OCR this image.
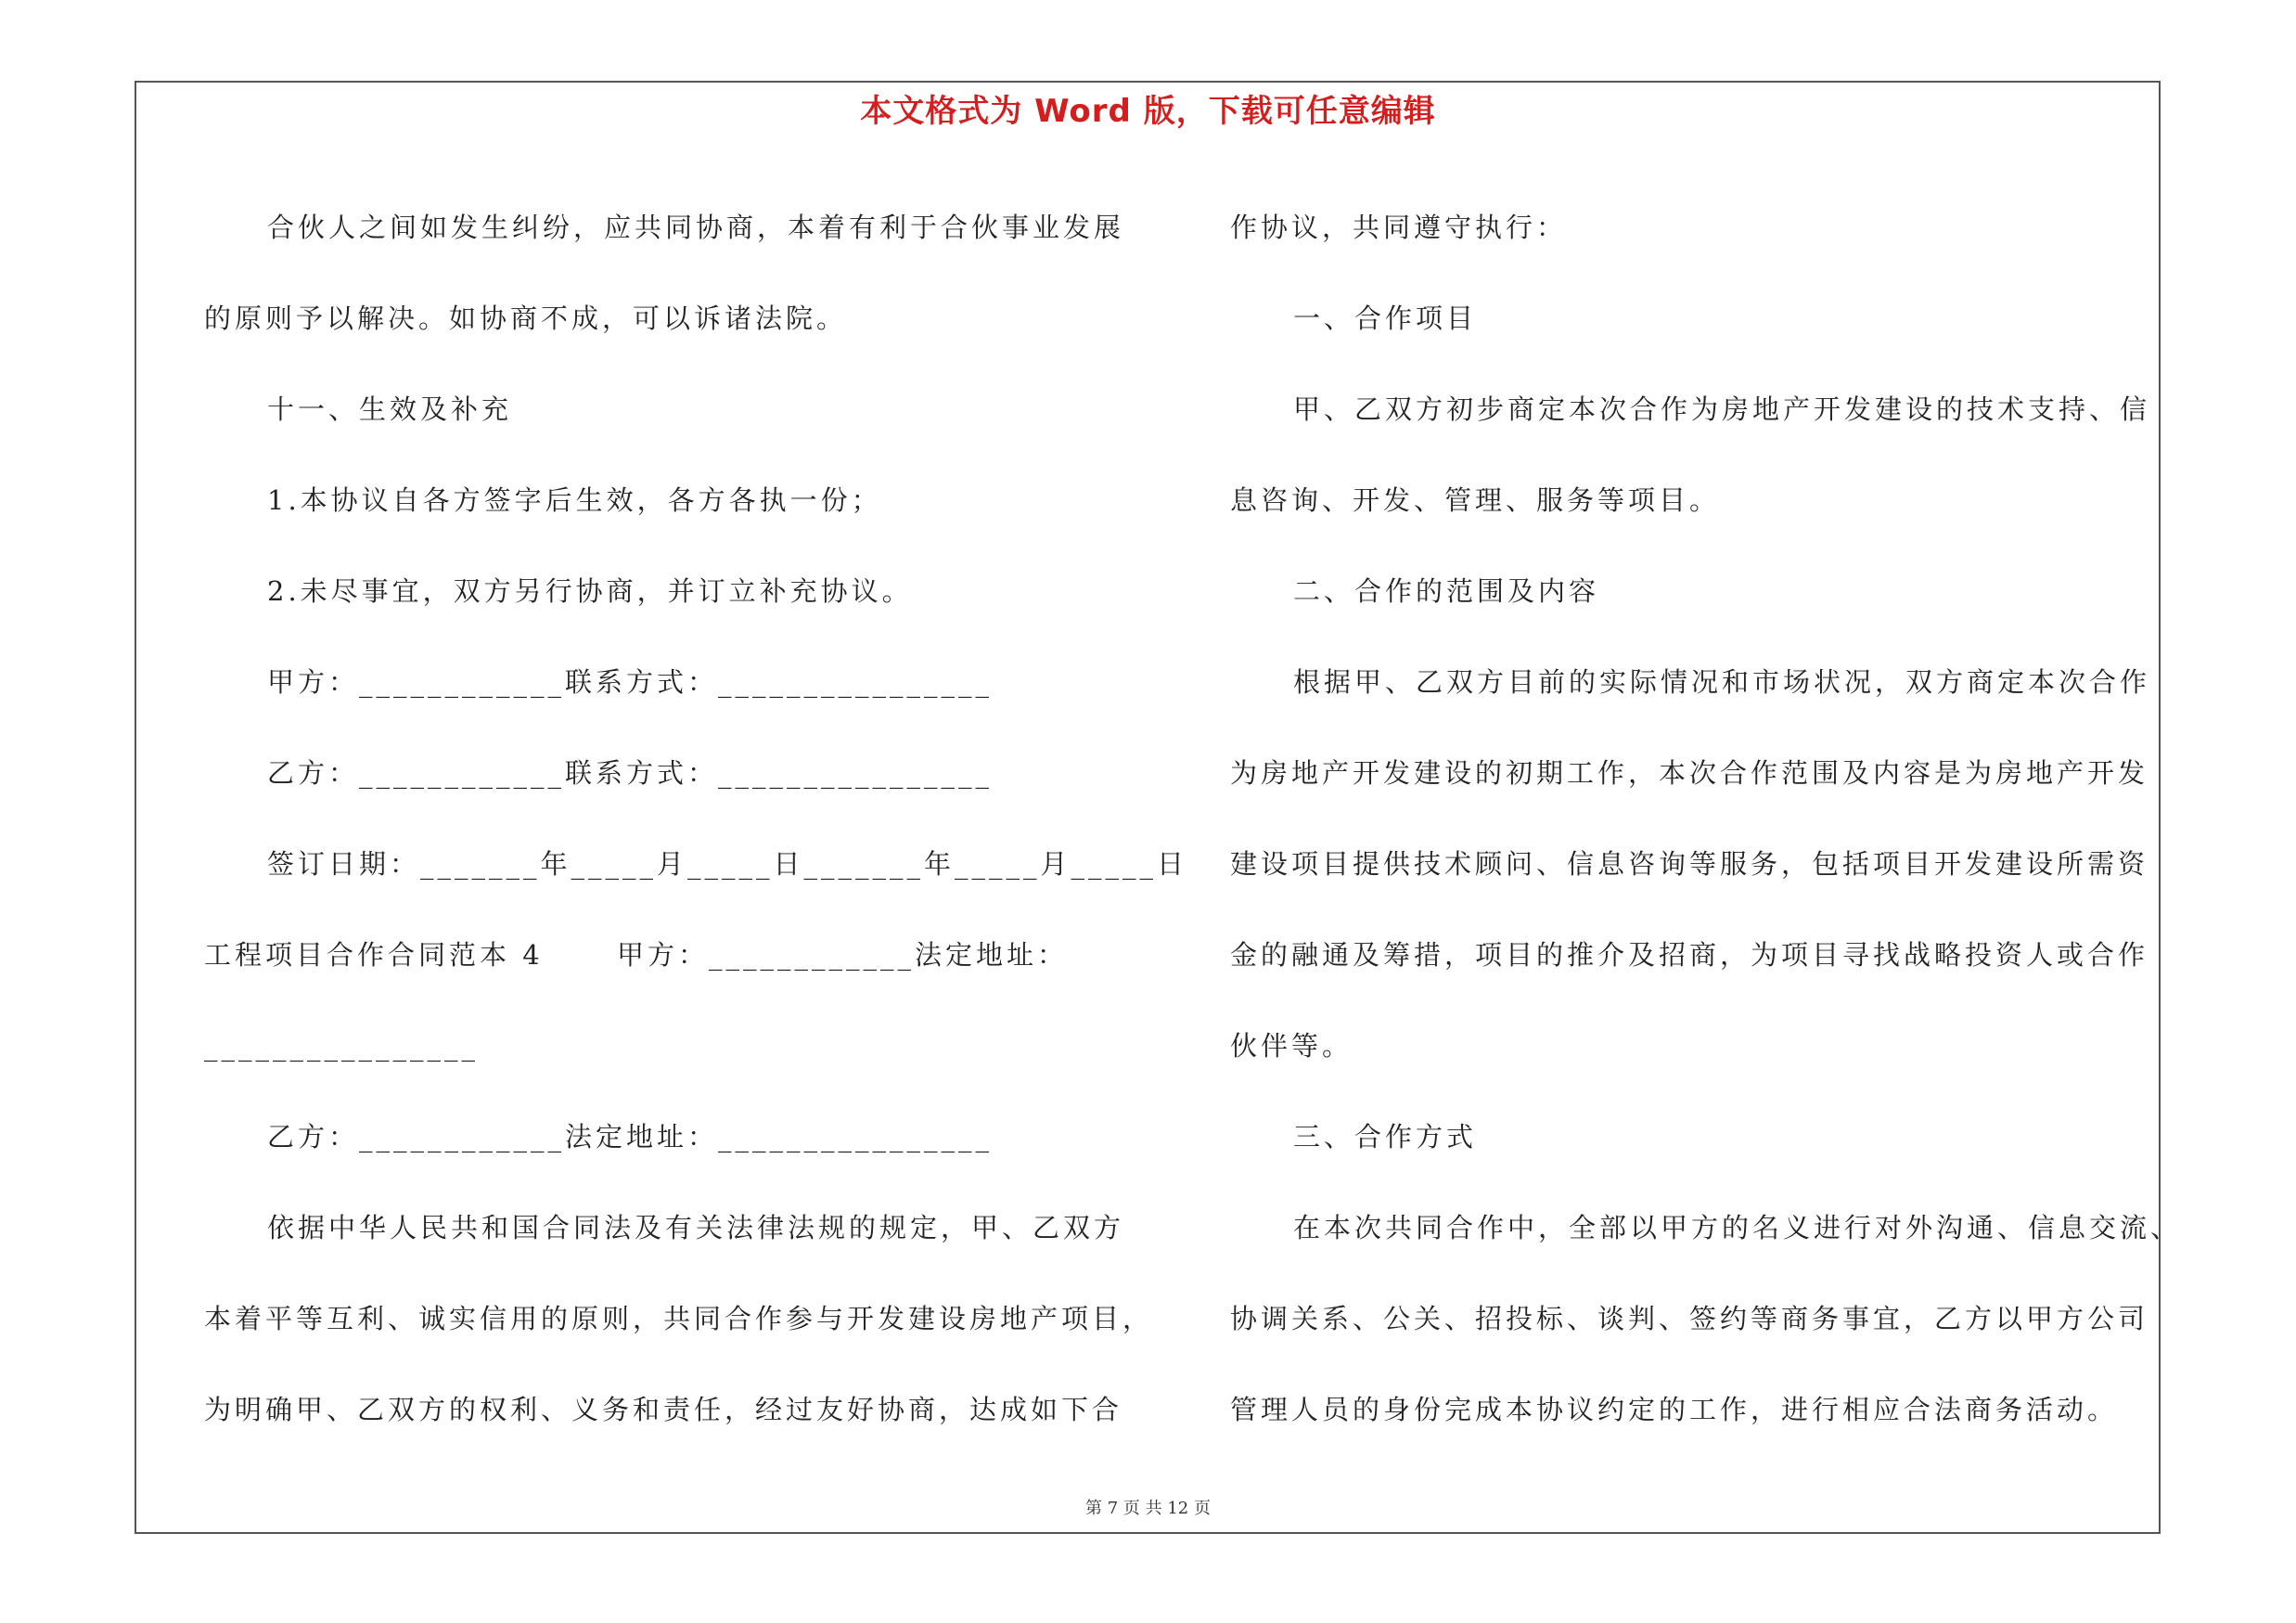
本文格式为 Word 版，下载可任意编辑

合伙人之间如发生纠纷，应共同协商，本着有利于合伙事业发展

的原则予以解决。如协商不成，可以诉诸法院。

十一、生效及补充

1.本协议自各方签字后生效，各方各执一份；

2.未尽事宜，双方另行协商，并订立补充协议。

甲方：____________联系方式：________________

乙方：____________联系方式：________________

签订日期：_______年_____月_____日_______年_____月_____日

工程项目合作合同范本 4      甲方：____________法定地址：

________________

乙方：____________法定地址：________________

依据中华人民共和国合同法及有关法律法规的规定，甲、乙双方

本着平等互利、诚实信用的原则，共同合作参与开发建设房地产项目，

为明确甲、乙双方的权利、义务和责任，经过友好协商，达成如下合

作协议，共同遵守执行：

一、合作项目

甲、乙双方初步商定本次合作为房地产开发建设的技术支持、信

息咨询、开发、管理、服务等项目。

二、合作的范围及内容

根据甲、乙双方目前的实际情况和市场状况，双方商定本次合作

为房地产开发建设的初期工作，本次合作范围及内容是为房地产开发

建设项目提供技术顾问、信息咨询等服务，包括项目开发建设所需资

金的融通及筹措，项目的推介及招商，为项目寻找战略投资人或合作

伙伴等。

三、合作方式

在本次共同合作中，全部以甲方的名义进行对外沟通、信息交流、

协调关系、公关、招投标、谈判、签约等商务事宜，乙方以甲方公司

管理人员的身份完成本协议约定的工作，进行相应合法商务活动。

第 7 页 共 12 页
